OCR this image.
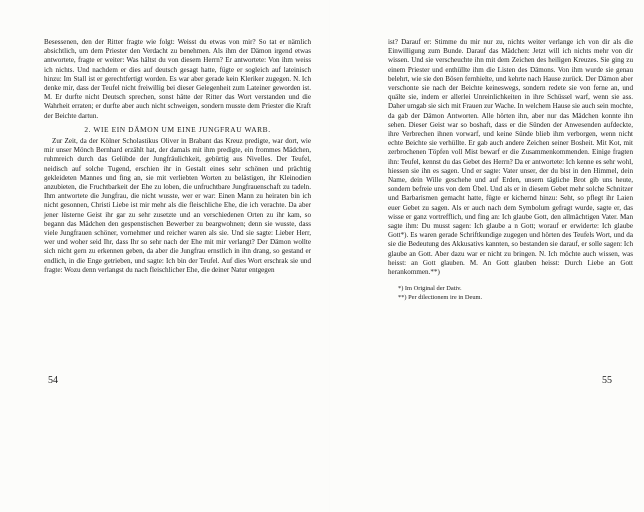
Besessenen, den der Ritter fragte wie folgt: Weisst du etwas von mir? So tat er nämlich absichtlich, um dem Priester den Verdacht zu benehmen. Als ihm der Dämon irgend etwas antwortete, fragte er weiter: Was hältst du von diesem Herrn? Er antwortete: Von ihm weiss ich nichts. Und nachdem er dies auf deutsch gesagt hatte, fügte er sogleich auf lateinisch hinzu: Im Stall ist er gerechtfertigt worden. Es war aber gerade kein Kleriker zugegen. N. Ich denke mir, dass der Teufel nicht freiwillig bei dieser Gelegenheit zum Lateiner geworden ist. M. Er durfte nicht Deutsch sprechen, sonst hätte der Ritter das Wort verstanden und die Wahrheit erraten; er durfte aber auch nicht schweigen, sondern musste dem Priester die Kraft der Beichte dartun.

2. WIE EIN DÄMON UM EINE JUNGFRAU WARB.

Zur Zeit, da der Kölner Scholastikus Oliver in Brabant das Kreuz predigte, war dort, wie mir unser Mönch Bernhard erzählt hat, der damals mit ihm predigte, ein frommes Mädchen, ruhmreich durch das Gelübde der Jungfräulichkeit, gebürtig aus Nivelles. Der Teufel, neidisch auf solche Tugend, erschien ihr in Gestalt eines sehr schönen und prächtig gekleideten Mannes und fing an, sie mit verliebten Worten zu belästigen, ihr Kleinodien anzubieten, die Fruchtbarkeit der Ehe zu loben, die unfruchtbare Jungfrauenschaft zu tadeln. Ihm antwortete die Jungfrau, die nicht wusste, wer er war: Einen Mann zu heiraten bin ich nicht gesonnen, Christi Liebe ist mir mehr als die fleischliche Ehe, die ich verachte. Da aber jener lüsterne Geist ihr gar zu sehr zusetzte und an verschiedenen Orten zu ihr kam, so begann das Mädchen den gespenstischen Bewerber zu beargwohnen; denn sie wusste, dass viele Jungfrauen schöner, vornehmer und reicher waren als sie. Und sie sagte: Lieber Herr, wer und woher seid Ihr, dass Ihr so sehr nach der Ehe mit mir verlangt? Der Dämon wollte sich nicht gern zu erkennen geben, da aber die Jungfrau ernstlich in ihn drang, so gestand er endlich, in die Enge getrieben, und sagte: Ich bin der Teufel. Auf dies Wort erschrak sie und fragte: Wozu denn verlangst du nach fleischlicher Ehe, die deiner Natur entgegen

54

ist? Darauf er: Stimme du mir nur zu, nichts weiter verlange ich von dir als die Einwilligung zum Bunde. Darauf das Mädchen: Jetzt will ich nichts mehr von dir wissen. Und sie verscheuchte ihn mit dem Zeichen des heiligen Kreuzes. Sie ging zu einem Priester und enthüllte ihm die Listen des Dämons. Von ihm wurde sie genau belehrt, wie sie den Bösen fernhielte, und kehrte nach Hause zurück. Der Dämon aber verschonte sie nach der Beichte keineswegs, sondern redete sie von ferne an, und quälte sie, indem er allerlei Unreinlichkeiten in ihre Schüssel warf, wenn sie ass. Daher umgab sie sich mit Frauen zur Wache. In welchem Hause sie auch sein mochte, da gab der Dämon Antworten. Alle hörten ihn, aber nur das Mädchen konnte ihn sehen. Dieser Geist war so boshaft, dass er die Sünden der Anwesenden aufdeckte, ihre Verbrechen ihnen vorwarf, und keine Sünde blieb ihm verborgen, wenn nicht echte Beichte sie verhüllte. Er gab auch andere Zeichen seiner Bosheit. Mit Kot, mit zerbrochenen Töpfen voll Mist bewarf er die Zusammenkommenden. Einige fragten ihn: Teufel, kennst du das Gebet des Herrn? Da er antwortete: Ich kenne es sehr wohl, hiessen sie ihn es sagen. Und er sagte: Vater unser, der du bist in den Himmel, dein Name, dein Wille geschehe und auf Erden, unsern tägliche Brot gib uns heute, sondern befreie uns von dem Übel. Und als er in diesem Gebet mehr solche Schnitzer und Barbarismen gemacht hatte, fügte er kichernd hinzu: Seht, so pflegt ihr Laien euer Gebet zu sagen. Als er auch nach dem Symbolum gefragt wurde, sagte er, das wisse er ganz vortrefflich, und fing an: Ich glaube Gott, den allmächtigen Vater. Man sagte ihm: Du musst sagen: Ich glaube a n Gott; worauf er erwiderte: Ich glaube Gott*). Es waren gerade Schriftkundige zugegen und hörten des Teufels Wort, und da sie die Bedeutung des Akkusativs kannten, so bestanden sie darauf, er solle sagen: Ich glaube an Gott. Aber dazu war er nicht zu bringen. N. Ich möchte auch wissen, was heisst: an Gott glauben. M. An Gott glauben heisst: Durch Liebe an Gott herankommen.**)

*) Im Original der Dativ.
**) Per dilectionem ire in Deum.
55
